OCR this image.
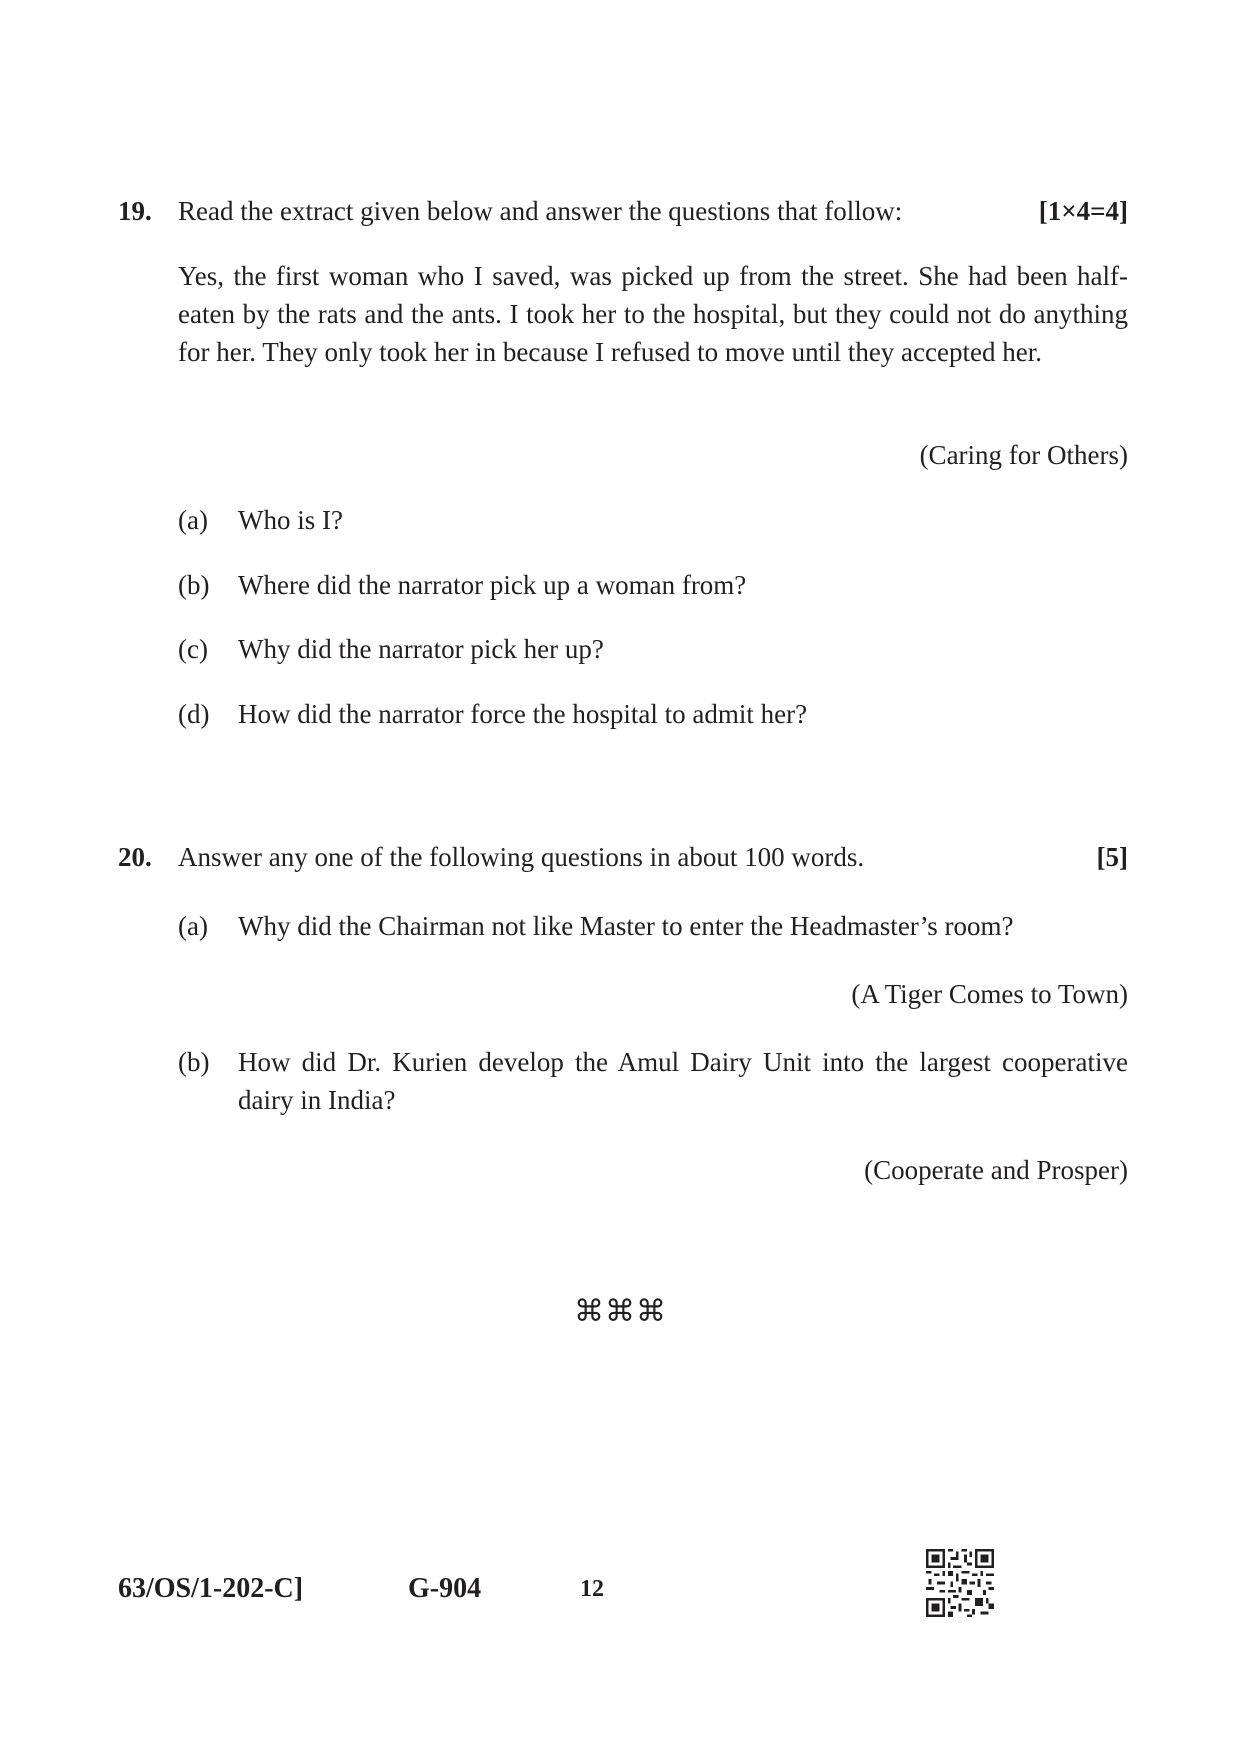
19. Read the extract given below and answer the questions that follow:	[1×4=4]
Yes, the first woman who I saved, was picked up from the street. She had been half-eaten by the rats and the ants. I took her to the hospital, but they could not do anything for her. They only took her in because I refused to move until they accepted her.
(Caring for Others)
(a) Who is I?
(b) Where did the narrator pick up a woman from?
(c) Why did the narrator pick her up?
(d) How did the narrator force the hospital to admit her?
20. Answer any one of the following questions in about 100 words.	[5]
(a) Why did the Chairman not like Master to enter the Headmaster’s room?
(A Tiger Comes to Town)
(b) How did Dr. Kurien develop the Amul Dairy Unit into the largest cooperative dairy in India?
(Cooperate and Prosper)
⌘⌘⌘
63/OS/1-202-C]	G-904	12
